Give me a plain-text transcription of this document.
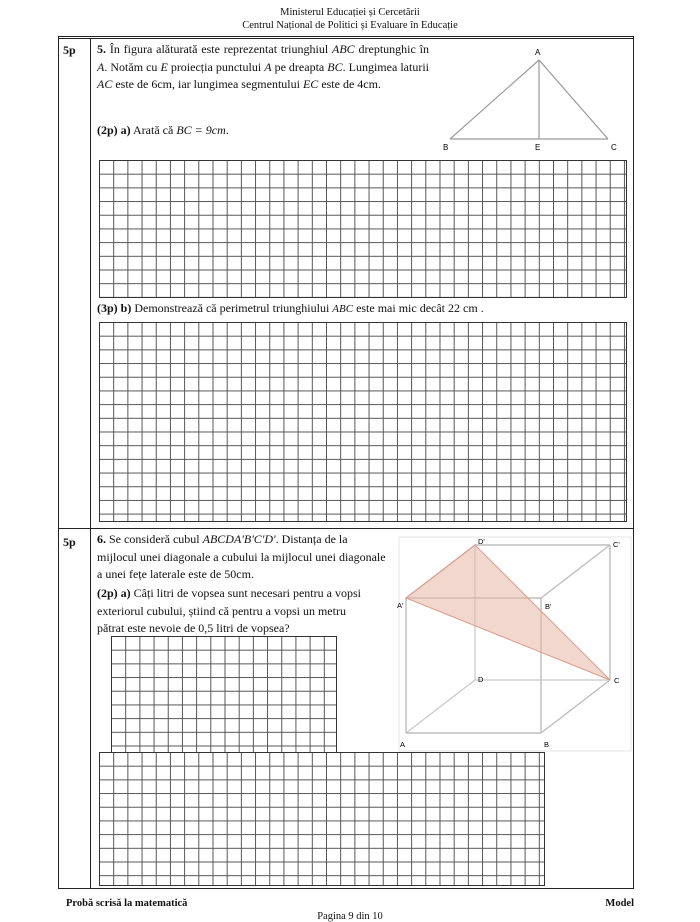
Ministerul Educației și Cercetării
Centrul Național de Politici și Evaluare în Educație
5p 5. În figura alăturată este reprezentat triunghiul ABC dreptunghic în A. Notăm cu E proiecția punctului A pe dreapta BC. Lungimea laturii AC este de 6cm, iar lungimea segmentului EC este de 4cm.
(2p) a) Arată că BC = 9cm.
A
B	E	C
(3p) b) Demonstrează că perimetrul triunghiului ABC este mai mic decât 22 cm .
5p 6. Se consideră cubul ABCDA'B'C'D'. Distanța de la mijlocul unei diagonale a cubului la mijlocul unei diagonale a unei fețe laterale este de 50cm.
(2p) a) Câți litri de vopsea sunt necesari pentru a vopsi exteriorul cubului, știind că pentru a vopsi un metru pătrat este nevoie de 0,5 litri de vopsea?
D'	C'
A'	B'
D	C
A	B
Probă scrisă la matematică	Model
Pagina 9 din 10
